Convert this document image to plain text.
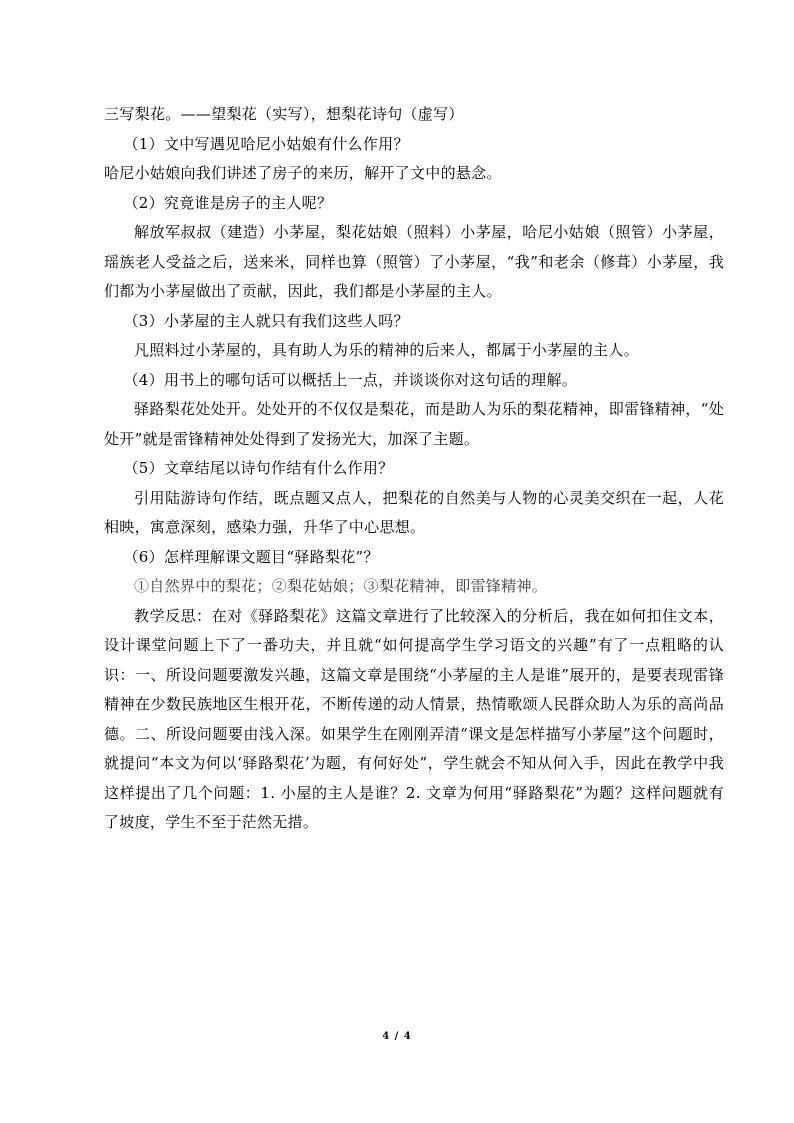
三写梨花。——望梨花（实写），想梨花诗句（虚写）

（1）文中写遇见哈尼小姑娘有什么作用？

哈尼小姑娘向我们讲述了房子的来历，解开了文中的悬念。

（2）究竟谁是房子的主人呢？

解放军叔叔（建造）小茅屋，梨花姑娘（照料）小茅屋，哈尼小姑娘（照管）小茅屋，瑶族老人受益之后，送来米，同样也算（照管）了小茅屋，“我”和老余（修葺）小茅屋，我们都为小茅屋做出了贡献，因此，我们都是小茅屋的主人。

（3）小茅屋的主人就只有我们这些人吗？

凡照料过小茅屋的，具有助人为乐的精神的后来人，都属于小茅屋的主人。

（4）用书上的哪句话可以概括上一点，并谈谈你对这句话的理解。

驿路梨花处处开。处处开的不仅仅是梨花，而是助人为乐的梨花精神，即雷锋精神，“处处开”就是雷锋精神处处得到了发扬光大，加深了主题。

（5）文章结尾以诗句作结有什么作用？

引用陆游诗句作结，既点题又点人，把梨花的自然美与人物的心灵美交织在一起，人花相映，寓意深刻，感染力强，升华了中心思想。

（6）怎样理解课文题目“驿路梨花”？

①自然界中的梨花；②梨花姑娘；③梨花精神，即雷锋精神。

教学反思：在对《驿路梨花》这篇文章进行了比较深入的分析后，我在如何扣住文本，设计课堂问题上下了一番功夫，并且就“如何提高学生学习语文的兴趣”有了一点粗略的认识：一、所设问题要激发兴趣，这篇文章是围绕“小茅屋的主人是谁”展开的，是要表现雷锋精神在少数民族地区生根开花，不断传递的动人情景，热情歌颂人民群众助人为乐的高尚品德。二、所设问题要由浅入深。如果学生在刚刚弄清“课文是怎样描写小茅屋”这个问题时，就提问“本文为何以‘驿路梨花’为题，有何好处”，学生就会不知从何入手，因此在教学中我这样提出了几个问题：1. 小屋的主人是谁？2. 文章为何用“驿路梨花”为题？这样问题就有了坡度，学生不至于茫然无措。

4 / 4
